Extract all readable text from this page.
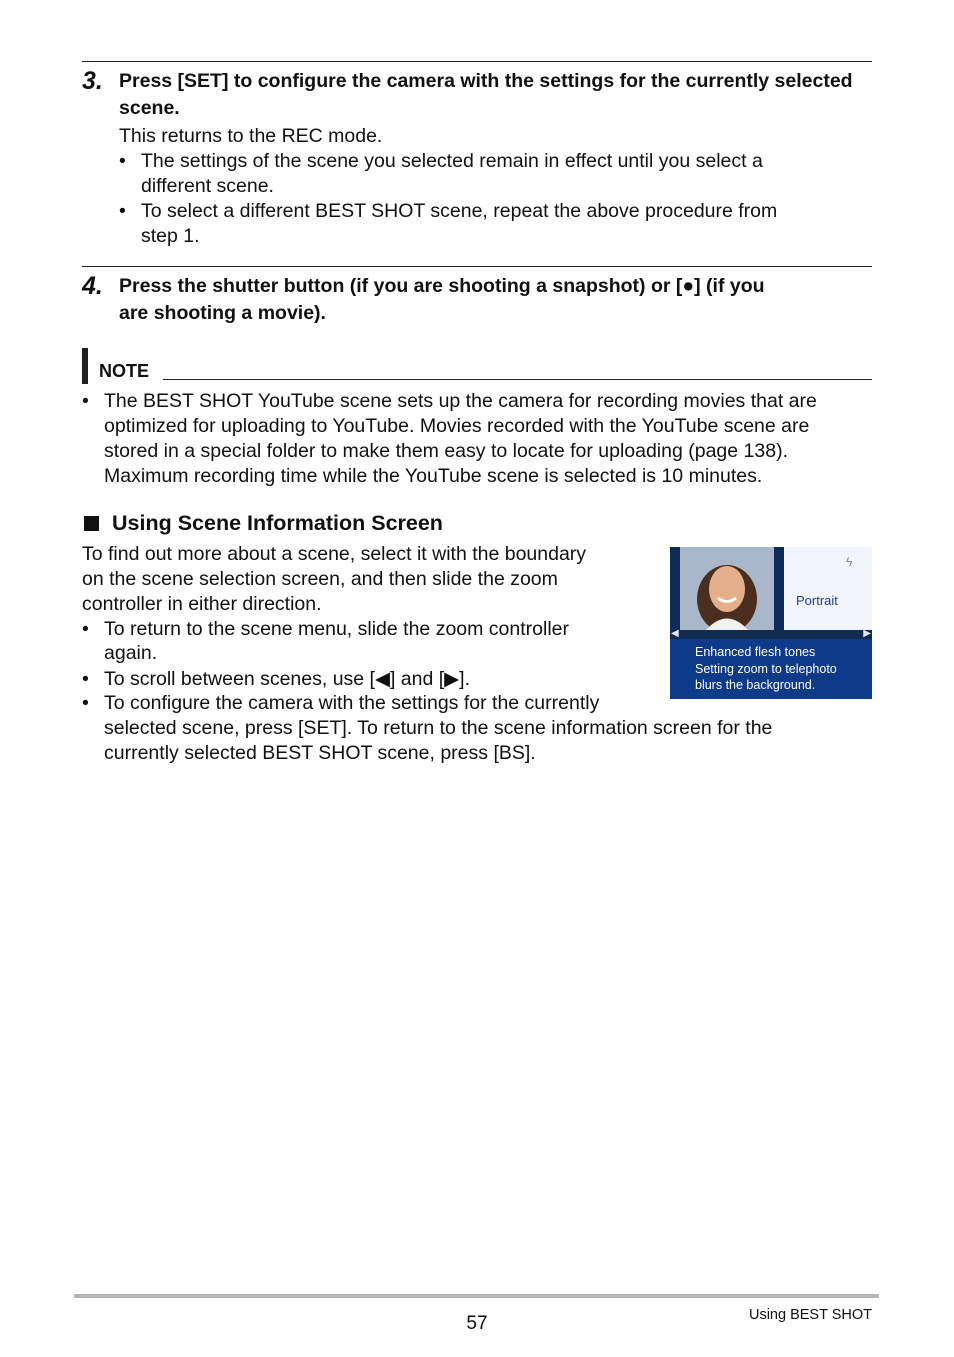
3. Press [SET] to configure the camera with the settings for the currently selected scene.
This returns to the REC mode.
• The settings of the scene you selected remain in effect until you select a
different scene.
• To select a different BEST SHOT scene, repeat the above procedure from
step 1.
4. Press the shutter button (if you are shooting a snapshot) or [●] (if you
are shooting a movie).
NOTE
• The BEST SHOT YouTube scene sets up the camera for recording movies that are
optimized for uploading to YouTube. Movies recorded with the YouTube scene are
stored in a special folder to make them easy to locate for uploading (page 138).
Maximum recording time while the YouTube scene is selected is 10 minutes.
Using Scene Information Screen
To find out more about a scene, select it with the boundary
on the scene selection screen, and then slide the zoom
controller in either direction.
• To return to the scene menu, slide the zoom controller
again.
• To scroll between scenes, use [◀] and [▶].
• To configure the camera with the settings for the currently
selected scene, press [SET]. To return to the scene information screen for the
currently selected BEST SHOT scene, press [BS].
ϟ
Portrait
◀	▶
Enhanced flesh tones
Setting zoom to telephoto
blurs the background.
57	Using BEST SHOT
